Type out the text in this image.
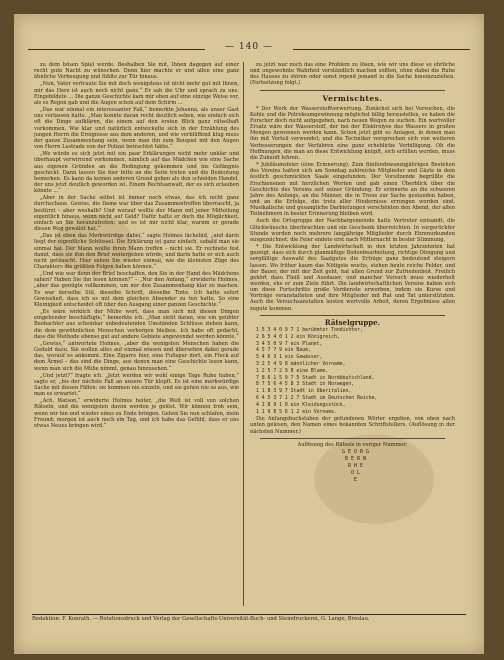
— 140 —

zu dem bösen Spiel werde. Beshalben Sie mit, Ihnen dagegen auf einer recht gute Nacht zu wünschen. Denn hier machte er und allen eine ganz ähnliche Verbeugung und fühlte zur Tür hinaus.

„Nun, Vater vertraute Sie mit doch wenigstens ist nicht mehr gut mit Ihnen, mir das Herz ist auch noch nicht ganz.“ Er sah die Uhr und sprach zu uns: Eingebildete ... Die ganze Geschichte kam mir eben auf eine einzige Weise vor, als es Regen gab und die Augen schon auf dem Schirm ...

„Das war einmal ein interessanter Fall,“ bemerkte Johanna, als unser Gast uns verlassen hatte. „Man konnte daran recht deutlich sehen, wie einfach sich oft die Dinge aufklären, die einem auf den ersten Blick ganz rätselhaft vorkommen. Wie klar und natürlich entwickelte sich in der Erzählung des jungen Herrn die Ereignisse aus dem anderen, und wie verblüffend klug muss der ganze Zusammenhang sein, wenn man ihn zum Beispiel mit den Augen von Herrn Lestrade von der Polizei betrachtet hätte.“

„Wo würde es sich jetzt mit ein paar Erklärungen nicht mehr unklar und überhaupt verwirrend vorkommen, nämlich auf das Mädchen wie eine Sache aus eigenen Gründen an die Bedingung gekommen und ins Gefängnis geschickt. Dann lassen Sie hier bitte an die Seite treten und die Bedeutung bemerken. Es kann da keinen anderen Grund geben als den schnöden Handel, der uns jetzt deutlich geworden ist. Einem Rechtsanwalt, der es sich erlauben könnte ...“

„Aber in der Sache selbst ist immer noch etwas, das ich nicht ganz durchschaue. Gewiss, die Dame war über das Zusammentreffen überrascht, ja bestürzt – aber weshalb? Und worauf wollte der Mann mit jener Mitteilung eigentlich hinaus, wenn nicht auf Geld? Dafür hatte er doch die Möglichkeit, einfach an Sie heranzutreten; und es ist mir nicht klar, warum er gerade diesen Weg gewählt hat.“

„Das ist eben das Merkwürdige dabei,“ sagte Holmes lächelnd, „und darin liegt der eigentliche Schlüssel. Die Erklärung ist ganz einfach, sobald man sie einmal hat. Der Mann wollte ihren Mann treffen – nicht sie. Er rechnete fest damit, dass sie ihm den Brief weitergeben würde, und darin hatte er sich auch nicht getäuscht. Hier sehen Sie wieder einmal, wie die kleinsten Züge des Charakters die größten Folgen haben können.“

„Und wie war denn der Brief beschaffen, den Sie in der Hand des Mädchens sahen? Haben Sie ihn lesen können?“ – „Nur den Anfang,“ erwiderte Holmes, „aber das genügte vollkommen, um mir den Zusammenhang klar zu machen. Es war derselbe Stil, dieselbe Schrift, dieselbe Tinte. Ich hatte sofort Gewissheit, dass ich es mit dem gleichen Absender zu tun hatte. So eine Kleinigkeit entscheidet oft über den Ausgang einer ganzen Geschichte.“

„Es wäre wirklich der Mühe wert, dass man sich mit diesen Dingen eingehender beschäftigte,“ bemerkte ich. „Man sieht daran, wie ein geübter Beobachter aus scheinbar unbedeutenden Umständen Schlüsse ziehen kann, die dem gewöhnlichen Menschen verborgen bleiben. Ich habe oft gedacht, dass die Methode ebenso gut auf andere Gebiete angewendet werden könnte.“

„Gewiss,“ antwortete Holmes, „aber die wenigsten Menschen haben die Geduld dazu. Sie wollen alles auf einmal wissen und übersehen dabei gerade das, worauf es ankommt. Eine Zigarre hier, eine Fußspur dort, ein Fleck auf dem Ärmel – das sind die Dinge, aus denen man eine Geschichte lesen kann, wenn man sich die Mühe nimmt, genau hinzusehen.“

„Und jetzt?“ fragte ich. „Jetzt werden wir wohl einige Tage Ruhe haben,“ sagte er, „bis der nächste Fall an unsere Tür klopft. Es ist eine merkwürdige Sache mit diesen Fällen: sie kommen nie einzeln, und sie gehen nie so aus, wie man es erwartet.“

„Ach, Watson,“ erwiderte Holmes heiter, „die Welt ist voll von solchen Rätseln, und die wenigsten davon werden je gelöst. Wir können froh sein, wenn wir hin und wieder eines zu Ende bringen. Gehen Sie nun schlafen, mein Freund; morgen ist auch noch ein Tag, und ich habe das Gefühl, dass er uns etwas Neues bringen wird.“

zu jetzt war noch das eine Problem zu lösen, wie wir uns diese so ehrliche und ungewohnte Wahrheit verständlich machen sollten, ohne dabei die Ruhe des Hauses zu stören oder sonst irgend jemand in die Sache hineinzuziehen. (Fortsetzung folgt.)

Vermischtes.

* Der Werk der Wasserstoffverwertung. Zunächst sich bei Versuchen, die Kohle und die Petroleumgewinnung möglichst billig herzustellen, so haben die Forscher doch nicht aufgegeben, nach neuen Wegen zu suchen. Ein wertvoller Ersatz wäre der Wasserstoff, der bei der Elektrolyse des Wassers in großen Mengen gewonnen werden kann. Schon jetzt gibt es Anlagen, in denen man ihn mit Vorteil verwendet; und die Techniker versprechen sich von weiteren Verbesserungen der Verfahren eine ganz erhebliche Verbilligung. Ob die Hoffnungen, die man an diese Entwicklung knüpft, sich erfüllen werden, muss die Zukunft lehren.

* Jubiläumsfeier (eine Erinnerung). Zum fünfundzwanzigjährigen Bestehen des Vereins hatten sich am Sonntag zahlreiche Mitglieder und Gäste in dem festlich geschmückten Saale eingefunden. Der Vorsitzende begrüßte die Erschienenen mit herzlichen Worten und gab einen Überblick über die Geschichte des Vereins seit seiner Gründung. Er erinnerte an die schweren Jahre des Anfangs, an die Männer, die in Treue zur Sache gestanden haben, und an die Erfolge, die trotz aller Hindernisse errungen worden sind. Musikalische und gesangliche Darbietungen verschönten den Abend, der allen Teilnehmern in bester Erinnerung bleiben wird.

Auch die Ortsgruppe der Nachbargemeinde hatte Vertreter entsandt, die Glückwünsche überbrachten und ein Geschenk überreichten. In vorgerückter Stunde wurden noch mehrere langjährige Mitglieder durch Ehrenurkunden ausgezeichnet; die Feier endete erst nach Mitternacht in bester Stimmung.

* Die Entwicklung der Landwirtschaft in den letzten Jahrzehnten hat gezeigt, dass sich durch planmäßige Bodenbearbeitung, richtige Düngung und sorgfältige Auswahl des Saatgutes die Erträge ganz bedeutend steigern lassen. Wo früher kaum das Nötigste wuchs, stehen heute reiche Felder, und der Bauer, der mit der Zeit geht, hat allen Grund zur Zufriedenheit. Freilich gehört dazu Fleiß und Ausdauer, und mancher Versuch muss wiederholt werden, ehe er zum Ziele führt. Die landwirtschaftlichen Vereine haben sich um diese Fortschritte große Verdienste erworben, indem sie Kurse und Vorträge veranstalteten und ihre Mitglieder mit Rat und Tat unterstützten. Auch die Versuchsanstalten leisten wertvolle Arbeit, deren Ergebnisse allen zugute kommen.

Rätselgruppe.

1 5 3 4 0 9 7 1 berühmter Tondichter,

2 6 5 4 0 1 2 ein Königreich,

3 4 5 0 9 7 ein Planet,

4 5 7 7 9 ein Baum,

5 4 6 3 1 ein Gewässer,

3 2 5 4 9 8 männlicher Vorname,

1 2 5 7 2 9 8 eine Blume,

7 8 6 1 5 9 7 5 Stadt in Norddeutschland,

8 7 5 6 4 5 8 3 Stadt in Norwegen,

1 1 8 3 9 7 Stadt in Oberitalien,

6 4 5 3 7 1 2 7 Stadt im Deutschen Reiche,

4 1 8 9 1 0 ein Kleidungsstück,

1 1 9 8 5 6 1 2 ein Vorname.

Die Anfangsbuchstaben der gefundenen Wörter ergeben, von oben nach unten gelesen, den Namen eines bekannten Schriftstellers. (Auflösung in der nächsten Nummer.)

Auflösung des Rätsels in voriger Nummer:

G E O R G

B E R N

R H E

O L

E

Redaktion: F. Konrath. — Rotationsdruck und Verlag der Gesellschafts-Universität-Buch- und Steindruckerei, G. Lange, Breslau.
